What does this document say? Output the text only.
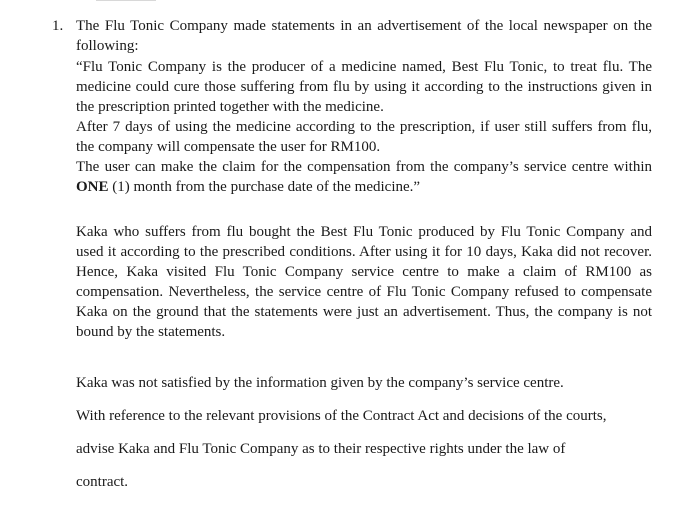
1. The Flu Tonic Company made statements in an advertisement of the local newspaper on the following:

“Flu Tonic Company is the producer of a medicine named, Best Flu Tonic, to treat flu. The medicine could cure those suffering from flu by using it according to the instructions given in the prescription printed together with the medicine.

After 7 days of using the medicine according to the prescription, if user still suffers from flu, the company will compensate the user for RM100.

The user can make the claim for the compensation from the company’s service centre within ONE (1) month from the purchase date of the medicine.”

Kaka who suffers from flu bought the Best Flu Tonic produced by Flu Tonic Company and used it according to the prescribed conditions. After using it for 10 days, Kaka did not recover. Hence, Kaka visited Flu Tonic Company service centre to make a claim of RM100 as compensation. Nevertheless, the service centre of Flu Tonic Company refused to compensate Kaka on the ground that the statements were just an advertisement. Thus, the company is not bound by the statements.

Kaka was not satisfied by the information given by the company’s service centre.

With reference to the relevant provisions of the Contract Act and decisions of the courts,

advise Kaka and Flu Tonic Company as to their respective rights under the law of

contract.
